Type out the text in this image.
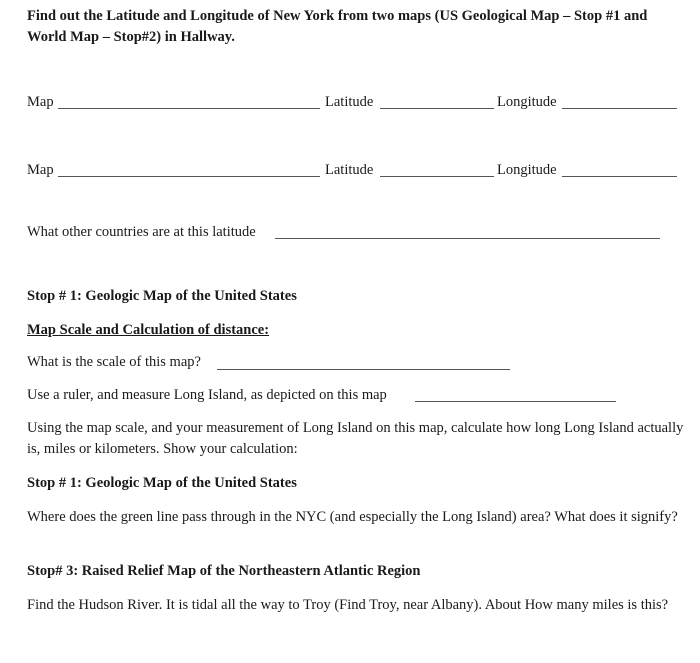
Find out the Latitude and Longitude of New York from two maps (US Geological Map – Stop #1 and
World Map – Stop#2) in Hallway.
Map	Latitude	Longitude
Map	Latitude	Longitude
What other countries are at this latitude
Stop # 1: Geologic Map of the United States
Map Scale and Calculation of distance:
What is the scale of this map?
Use a ruler, and measure Long Island, as depicted on this map
Using the map scale, and your measurement of Long Island on this map, calculate how long Long Island actually is, miles or kilometers. Show your calculation:
Stop # 1: Geologic Map of the United States
Where does the green line pass through in the NYC (and especially the Long Island) area? What does it signify?
Stop# 3: Raised Relief Map of the Northeastern Atlantic Region
Find the Hudson River. It is tidal all the way to Troy (Find Troy, near Albany). About How many miles is this?
